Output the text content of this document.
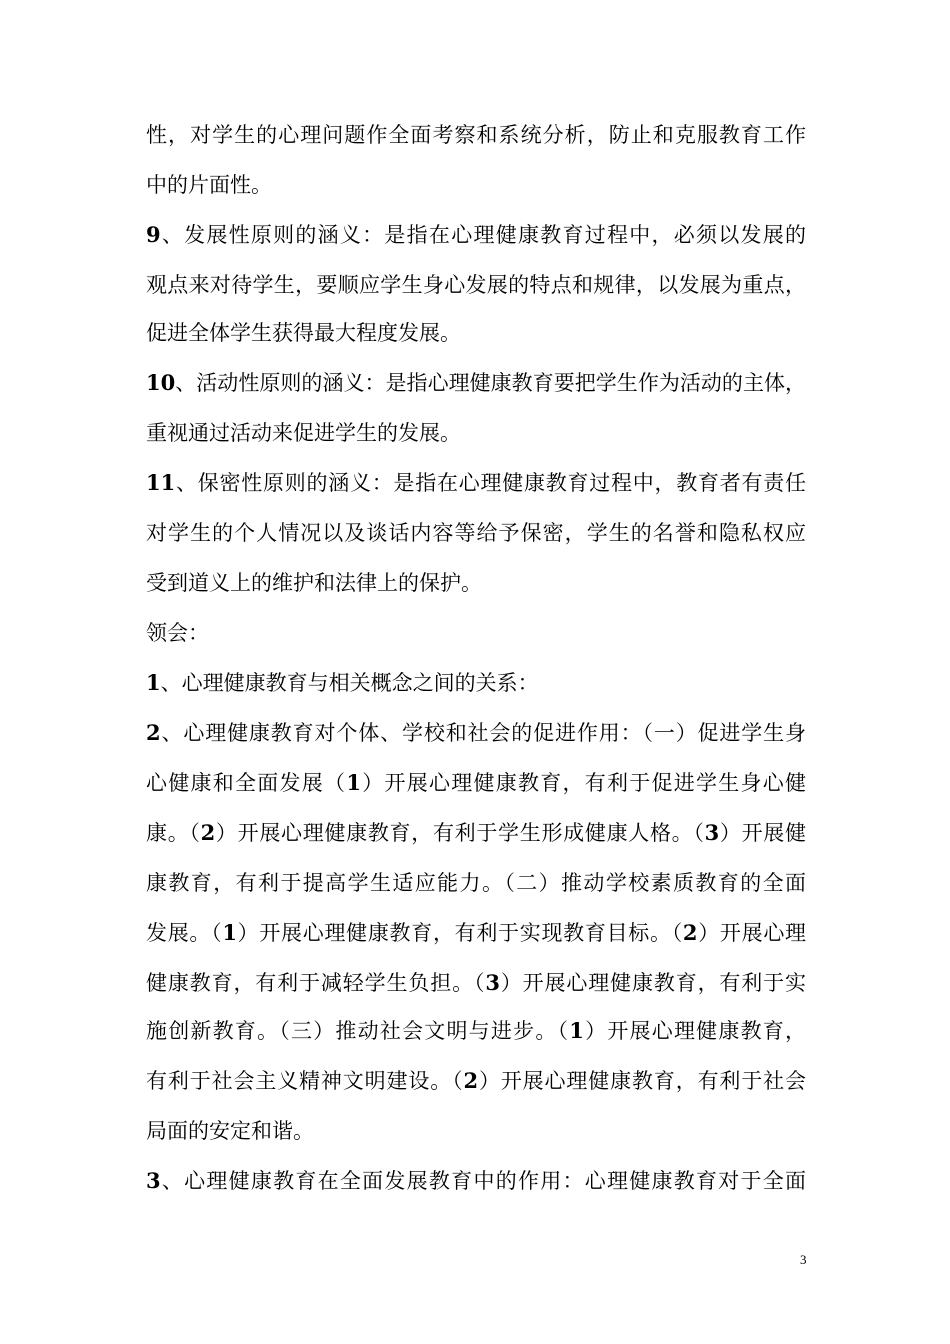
性，对学生的心理问题作全面考察和系统分析，防止和克服教育工作
中的片面性。
9、发展性原则的涵义：是指在心理健康教育过程中，必须以发展的
观点来对待学生，要顺应学生身心发展的特点和规律，以发展为重点，
促进全体学生获得最大程度发展。
10、活动性原则的涵义：是指心理健康教育要把学生作为活动的主体，
重视通过活动来促进学生的发展。
11、保密性原则的涵义：是指在心理健康教育过程中，教育者有责任
对学生的个人情况以及谈话内容等给予保密，学生的名誉和隐私权应
受到道义上的维护和法律上的保护。
领会：
1、心理健康教育与相关概念之间的关系：
2、心理健康教育对个体、学校和社会的促进作用：（一）促进学生身
心健康和全面发展（1）开展心理健康教育，有利于促进学生身心健
康。（2）开展心理健康教育，有利于学生形成健康人格。（3）开展健
康教育，有利于提高学生适应能力。（二）推动学校素质教育的全面
发展。（1）开展心理健康教育，有利于实现教育目标。（2）开展心理
健康教育，有利于减轻学生负担。（3）开展心理健康教育，有利于实
施创新教育。（三）推动社会文明与进步。（1）开展心理健康教育，
有利于社会主义精神文明建设。（2）开展心理健康教育，有利于社会
局面的安定和谐。
3、心理健康教育在全面发展教育中的作用：心理健康教育对于全面
3
